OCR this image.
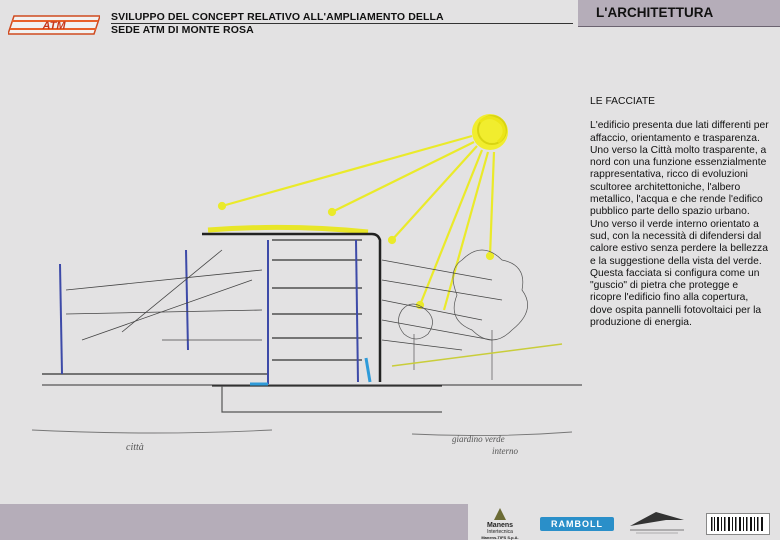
ATM
SVILUPPO DEL CONCEPT RELATIVO ALL'AMPLIAMENTO DELLA
SEDE ATM DI MONTE ROSA
L'ARCHITETTURA
città
giardino verde
interno
LE FACCIATE

L'edificio presenta due lati differenti per affaccio, orientamento e trasparenza. Uno verso la Città molto trasparente, a nord con una funzione essenzialmente rappresentativa, ricco di evoluzioni scultoree architettoniche, l'albero metallico, l'acqua e che rende l'edifico pubblico parte dello spazio urbano.

Uno verso il verde interno orientato a sud, con la necessità di difendersi dal calore estivo senza perdere la bellezza e la suggestione della vista del verde.

Questa facciata si configura come un "guscio" di pietra che protegge e ricopre l'edificio fino alla copertura, dove ospita pannelli fotovoltaici per la produzione di energia.

Manens
Intertecnica
Manens-TIFS S.p.A.
RAMBOLL
